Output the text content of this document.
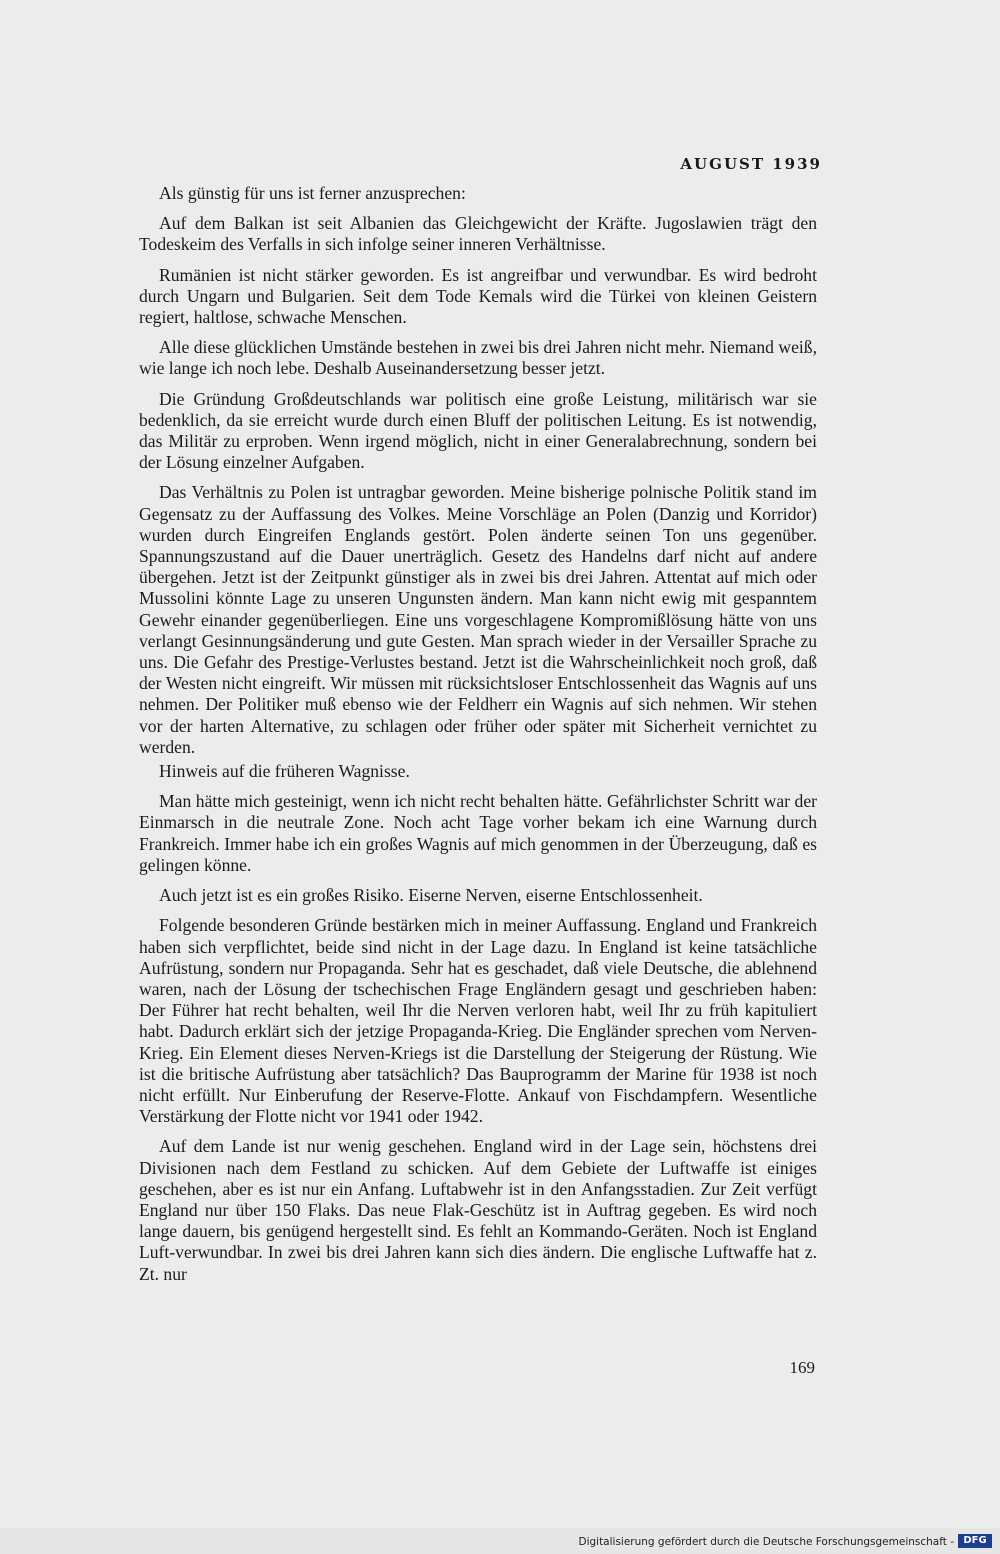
AUGUST 1939

Als günstig für uns ist ferner anzusprechen:

Auf dem Balkan ist seit Albanien das Gleichgewicht der Kräfte. Jugoslawien trägt den Todeskeim des Verfalls in sich infolge seiner inneren Verhältnisse.

Rumänien ist nicht stärker geworden. Es ist angreifbar und verwundbar. Es wird bedroht durch Ungarn und Bulgarien. Seit dem Tode Kemals wird die Türkei von kleinen Geistern regiert, haltlose, schwache Menschen.

Alle diese glücklichen Umstände bestehen in zwei bis drei Jahren nicht mehr. Niemand weiß, wie lange ich noch lebe. Deshalb Auseinandersetzung besser jetzt.

Die Gründung Großdeutschlands war politisch eine große Leistung, militärisch war sie bedenklich, da sie erreicht wurde durch einen Bluff der politischen Leitung. Es ist notwendig, das Militär zu erproben. Wenn irgend möglich, nicht in einer Generalabrechnung, sondern bei der Lösung einzelner Aufgaben.

Das Verhältnis zu Polen ist untragbar geworden. Meine bisherige polnische Politik stand im Gegensatz zu der Auffassung des Volkes. Meine Vorschläge an Polen (Danzig und Korridor) wurden durch Eingreifen Englands gestört. Polen änderte seinen Ton uns gegenüber. Spannungszustand auf die Dauer unerträglich. Gesetz des Handelns darf nicht auf andere übergehen. Jetzt ist der Zeitpunkt günstiger als in zwei bis drei Jahren. Attentat auf mich oder Mussolini könnte Lage zu unseren Ungunsten ändern. Man kann nicht ewig mit gespanntem Gewehr einander gegenüberliegen. Eine uns vorgeschlagene Kompromißlösung hätte von uns verlangt Gesinnungsänderung und gute Gesten. Man sprach wieder in der Versailler Sprache zu uns. Die Gefahr des Prestige-Verlustes bestand. Jetzt ist die Wahrscheinlichkeit noch groß, daß der Westen nicht eingreift. Wir müssen mit rücksichtsloser Entschlossenheit das Wagnis auf uns nehmen. Der Politiker muß ebenso wie der Feldherr ein Wagnis auf sich nehmen. Wir stehen vor der harten Alternative, zu schlagen oder früher oder später mit Sicherheit vernichtet zu werden.

Hinweis auf die früheren Wagnisse.

Man hätte mich gesteinigt, wenn ich nicht recht behalten hätte. Gefährlichster Schritt war der Einmarsch in die neutrale Zone. Noch acht Tage vorher bekam ich eine Warnung durch Frankreich. Immer habe ich ein großes Wagnis auf mich genommen in der Überzeugung, daß es gelingen könne.

Auch jetzt ist es ein großes Risiko. Eiserne Nerven, eiserne Entschlossenheit.

Folgende besonderen Gründe bestärken mich in meiner Auffassung. England und Frankreich haben sich verpflichtet, beide sind nicht in der Lage dazu. In England ist keine tatsächliche Aufrüstung, sondern nur Propaganda. Sehr hat es geschadet, daß viele Deutsche, die ablehnend waren, nach der Lösung der tschechischen Frage Engländern gesagt und geschrieben haben: Der Führer hat recht behalten, weil Ihr die Nerven verloren habt, weil Ihr zu früh kapituliert habt. Dadurch erklärt sich der jetzige Propaganda-Krieg. Die Engländer sprechen vom Nerven-Krieg. Ein Element dieses Nerven-Kriegs ist die Darstellung der Steigerung der Rüstung. Wie ist die britische Aufrüstung aber tatsächlich? Das Bauprogramm der Marine für 1938 ist noch nicht erfüllt. Nur Einberufung der Reserve-Flotte. Ankauf von Fischdampfern. Wesentliche Verstärkung der Flotte nicht vor 1941 oder 1942.

Auf dem Lande ist nur wenig geschehen. England wird in der Lage sein, höchstens drei Divisionen nach dem Festland zu schicken. Auf dem Gebiete der Luftwaffe ist einiges geschehen, aber es ist nur ein Anfang. Luftabwehr ist in den Anfangsstadien. Zur Zeit verfügt England nur über 150 Flaks. Das neue Flak-Geschütz ist in Auftrag gegeben. Es wird noch lange dauern, bis genügend hergestellt sind. Es fehlt an Kommando-Geräten. Noch ist England Luft-verwundbar. In zwei bis drei Jahren kann sich dies ändern. Die englische Luftwaffe hat z. Zt. nur

169
Digitalisierung gefördert durch die Deutsche Forschungsgemeinschaft - DFG
